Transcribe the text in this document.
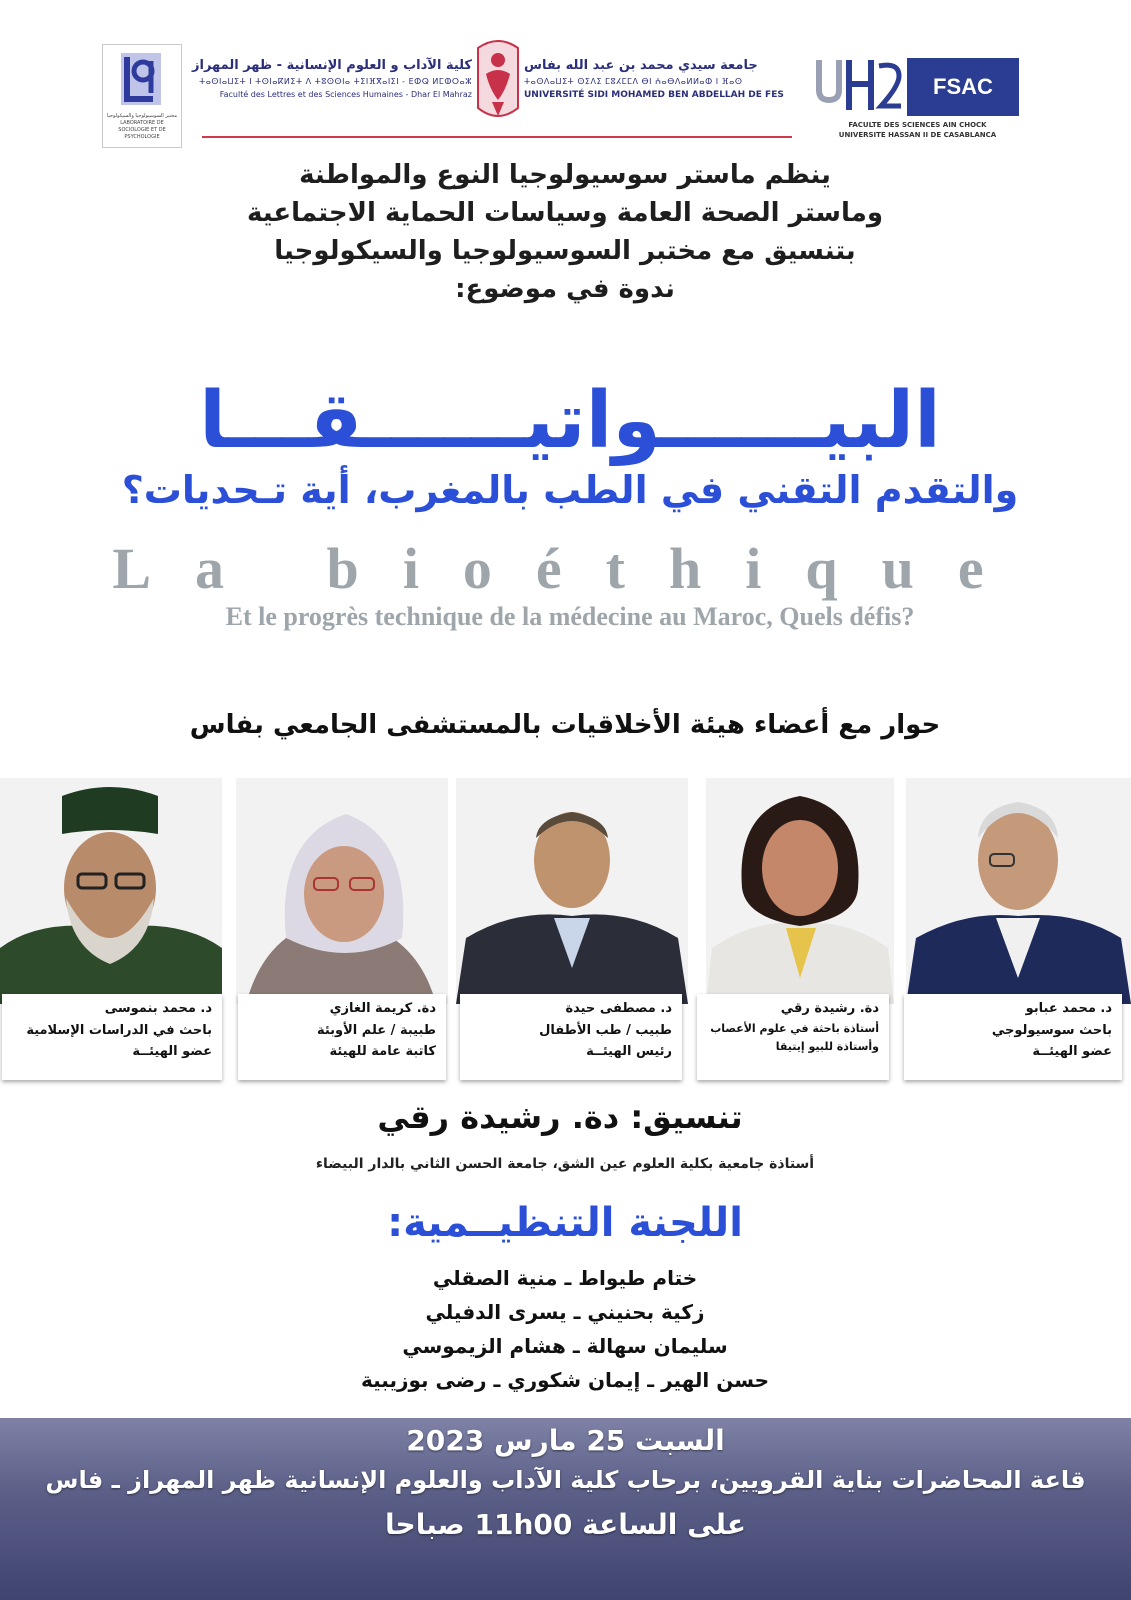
مختبر السوسيولوجيا والسيكولوجيا LABORATOIRE DE SOCIOLOGIE ET DE PSYCHOLOGIE
كلية الآداب و العلوم الإنسانية - ظهر المهراز
ⵜⴰⵙⵏⴰⵡⵉⵜ ⵏ ⵜⵙⵏⴰⴽⵍⵉⵜ ⴷ ⵜⵓⵙⵙⵏⴰ ⵜⵉⵏⴼⴳⴰⵏⵉⵏ - ⴹⵀⵕ ⵍⵎⵀⵔⴰⵣ
Faculté des Lettres et des Sciences Humaines - Dhar El Mahraz
جامعة سيدي محمد بن عبد الله بفاس
ⵜⴰⵙⴷⴰⵡⵉⵜ ⵙⵉⴷⵉ ⵎⵓⵃⵎⵎⴷ ⴱⵏ ⵄⴰⴱⴷⴰⵍⵍⴰⵀ ⵏ ⴼⴰⵙ
UNIVERSITÉ SIDI MOHAMED BEN ABDELLAH DE FES	FSAC
FACULTE DES SCIENCES AIN CHOCK
UNIVERSITE HASSAN II DE CASABLANCA
ينظم ماستر سوسيولوجيا النوع والمواطنة
وماستر الصحة العامة وسياسات الحماية الاجتماعية
بتنسيق مع مختبر السوسيولوجيا والسيكولوجيا
ندوة في موضوع:
البيــــــواتيــــــقـــا
والتقدم التقني في الطب بالمغرب، أية تـحديات؟
La bioéthique
Et le progrès technique de la médecine au Maroc, Quels défis?
حوار مع أعضاء هيئة الأخلاقيات بالمستشفى الجامعي بفاس
د. محمد عبابو
باحث سوسيولوجي
عضو الهيئــة
دة. رشيدة رقي
أستاذة باحثة في علوم الأعصاب
وأستاذة للبيو إيتيقا
د. مصطفى حيدة
طبيب / طب الأطفال
رئيس الهيئــة
دة. كريمة الغازي
طبيبة / علم الأوبئة
كاتبة عامة للهيئة
د. محمد بنموسى
باحث في الدراسات الإسلامية
عضو الهيئــة
تنسيق: دة. رشيدة رقي
أستاذة جامعية بكلية العلوم عين الشق، جامعة الحسن الثاني بالدار البيضاء
اللجنة التنظيــمية:
ختام طيواط ـ منية الصقلي
زكية بحنيني ـ يسرى الدفيلي
سليمان سهالة ـ هشام الزيموسي
حسن الهير ـ إيمان شكوري ـ رضى بوزيبية
السبت 25 مارس 2023
قاعة المحاضرات بناية القرويين، برحاب كلية الآداب والعلوم الإنسانية ظهر المهراز ـ فاس
على الساعة 11h00 صباحا
